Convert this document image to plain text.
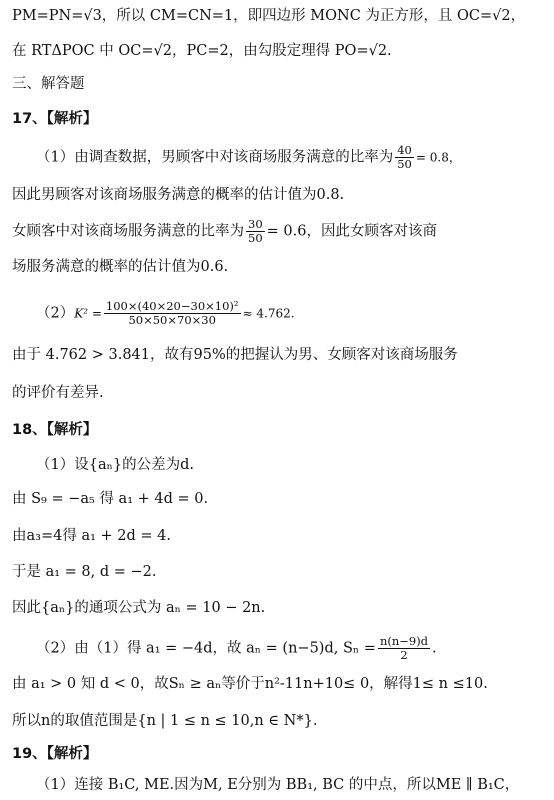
PM=PN=√3，所以 CM=CN=1，即四边形 MONC 为正方形，且 OC=√2，
在 RTΔPOC 中 OC=√2，PC=2，由勾股定理得 PO=√2.
三、解答题
17、【解析】
（1）由调查数据，男顾客中对该商场服务满意的比率为 $\frac{40}{50} = 0.8$，
因此男顾客对该商场服务满意的概率的估计值为0.8.
女顾客中对该商场服务满意的比率为 $\frac{30}{50} = 0.6$，因此女顾客对该商
场服务满意的概率的估计值为0.6.
$(2)K^2 = \frac{\text{100×(40×20−30×10)²}}{50\times 50\times 70\times 30} \approx 4.762$.
由于 4.762 > 3.841，故有95%的把握认为男、女顾客对该商场服务
的评价有差异.
18、【解析】
（1）设{aₙ}的公差为d.
由 S₉ = −a₅ 得 a₁ + 4d = 0.
由a₃=4得 a₁ + 2d = 4.
于是 a₁ = 8, d = −2.
因此{aₙ}的通项公式为 aₙ = 10 − 2n.
（2）由（1）得 a₁ = −4d，故 aₙ = (n−5)d, $S_n = \frac{n(n-9)d}{2}$ .
由 a₁ > 0 知 d < 0，故Sₙ ≥ aₙ等价于n²-11n+10≤ 0，解得1≤ n ≤10.
所以n的取值范围是{n | 1 ≤ n ≤ 10,n ∈ N*}.
19、【解析】
（1）连接 B₁C, ME.因为M, E分别为 BB₁, BC 的中点，所以ME ∥ B₁C，
